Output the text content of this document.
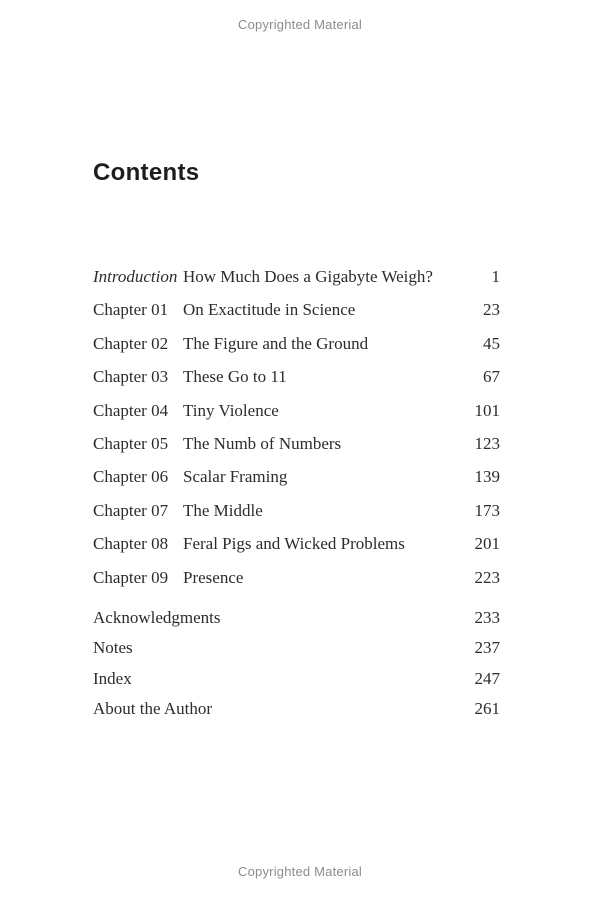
Copyrighted Material
Contents
Introduction How Much Does a Gigabyte Weigh?	1
Chapter 01 On Exactitude in Science	23
Chapter 02 The Figure and the Ground	45
Chapter 03 These Go to 11	67
Chapter 04 Tiny Violence	101
Chapter 05 The Numb of Numbers	123
Chapter 06 Scalar Framing	139
Chapter 07 The Middle	173
Chapter 08 Feral Pigs and Wicked Problems	201
Chapter 09 Presence	223
Acknowledgments	233
Notes	237
Index	247
About the Author	261
Copyrighted Material
